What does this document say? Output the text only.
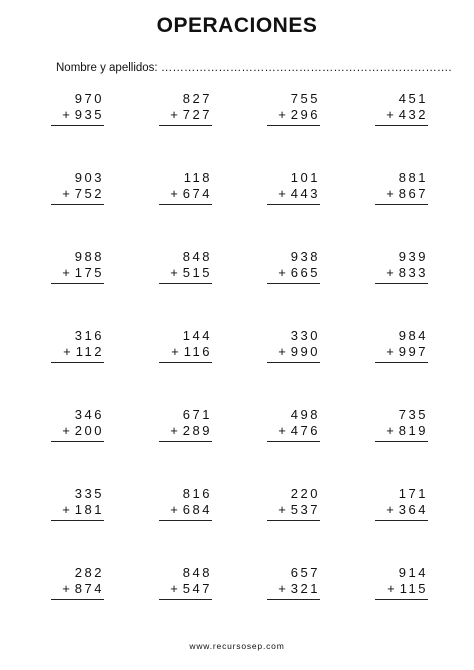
OPERACIONES
Nombre y apellidos: ………………………………………………………………….
970
+ 935
827
+ 727
755
+ 296
451
+ 432
903
+ 752
118
+ 674
101
+ 443
881
+ 867
988
+ 175
848
+ 515
938
+ 665
939
+ 833
316
+ 112
144
+ 116
330
+ 990
984
+ 997
346
+ 200
671
+ 289
498
+ 476
735
+ 819
335
+ 181
816
+ 684
220
+ 537
171
+ 364
282
+ 874
848
+ 547
657
+ 321
914
+ 115
www.recursosep.com
